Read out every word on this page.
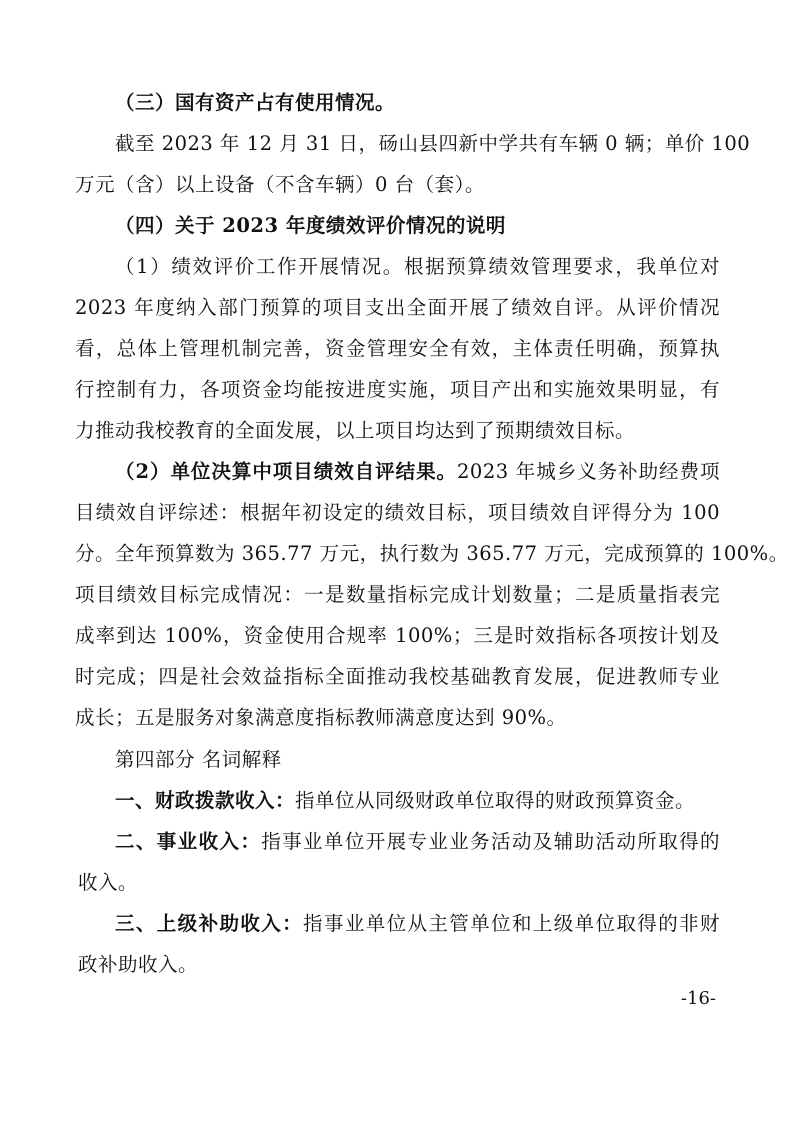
（三）国有资产占有使用情况。
截至 2023 年 12 月 31 日，砀山县四新中学共有车辆 0 辆；单价 100
万元（含）以上设备（不含车辆）0 台（套）。
（四）关于 2023 年度绩效评价情况的说明
（1）绩效评价工作开展情况。根据预算绩效管理要求，我单位对
2023 年度纳入部门预算的项目支出全面开展了绩效自评。从评价情况
看，总体上管理机制完善，资金管理安全有效，主体责任明确，预算执
行控制有力，各项资金均能按进度实施，项目产出和实施效果明显，有
力推动我校教育的全面发展，以上项目均达到了预期绩效目标。
（2）单位决算中项目绩效自评结果。2023 年城乡义务补助经费项
目绩效自评综述：根据年初设定的绩效目标，项目绩效自评得分为 100
分。全年预算数为 365.77 万元，执行数为 365.77 万元，完成预算的 100%。
项目绩效目标完成情况：一是数量指标完成计划数量；二是质量指表完
成率到达 100%，资金使用合规率 100%；三是时效指标各项按计划及
时完成；四是社会效益指标全面推动我校基础教育发展，促进教师专业
成长；五是服务对象满意度指标教师满意度达到 90%。
第四部分 名词解释
一、财政拨款收入：指单位从同级财政单位取得的财政预算资金。
二、事业收入：指事业单位开展专业业务活动及辅助活动所取得的
收入。
三、上级补助收入：指事业单位从主管单位和上级单位取得的非财
政补助收入。
-16-
